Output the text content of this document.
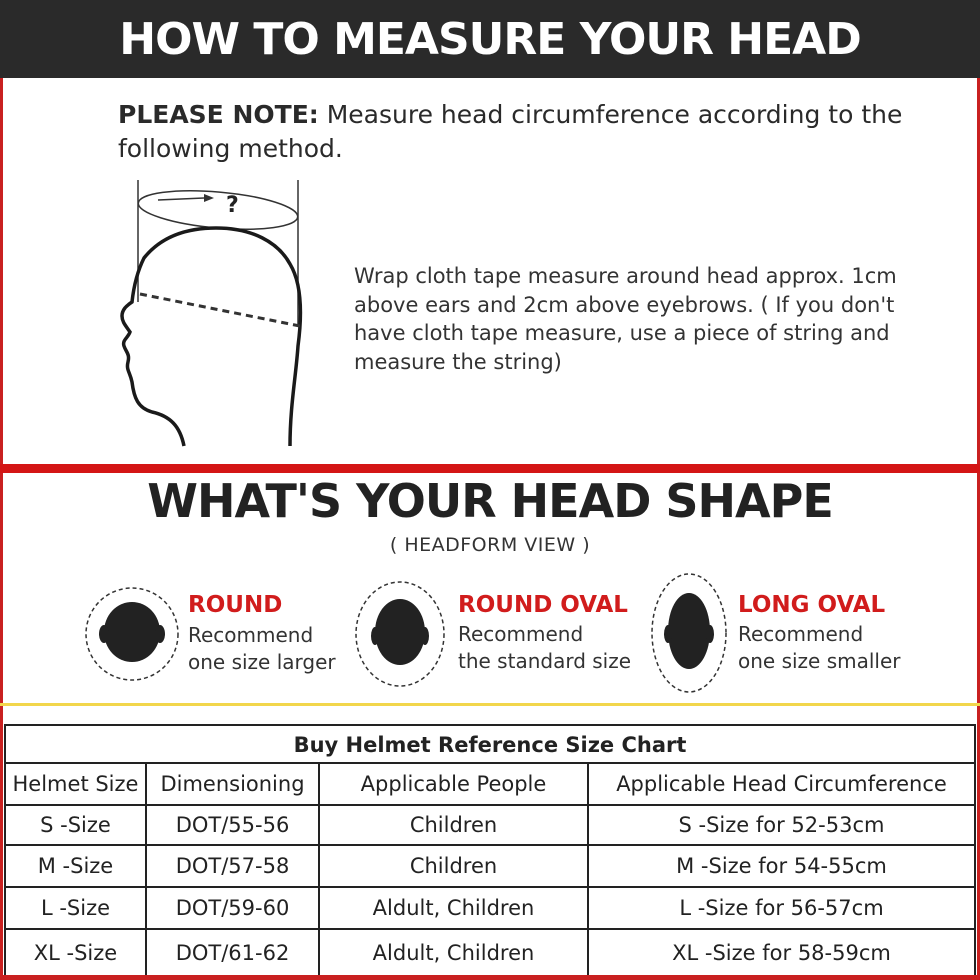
HOW TO MEASURE YOUR HEAD
PLEASE NOTE: Measure head circumference according to the following method.
?
Wrap cloth tape measure around head approx. 1cm above ears and 2cm above eyebrows. ( If you don't have cloth tape measure, use a piece of string and measure the string)
WHAT'S YOUR HEAD SHAPE
( HEADFORM VIEW )
ROUND
Recommend
one size larger
ROUND OVAL
Recommend
the standard size
LONG OVAL
Recommend
one size smaller
Buy Helmet Reference Size Chart
Helmet Size	Dimensioning	Applicable People	Applicable Head Circumference
S -Size	DOT/55-56	Children	S -Size for 52-53cm
M -Size	DOT/57-58	Children	M -Size for 54-55cm
L -Size	DOT/59-60	Aldult, Children	L -Size for 56-57cm
XL -Size	DOT/61-62	Aldult, Children	XL -Size for 58-59cm
